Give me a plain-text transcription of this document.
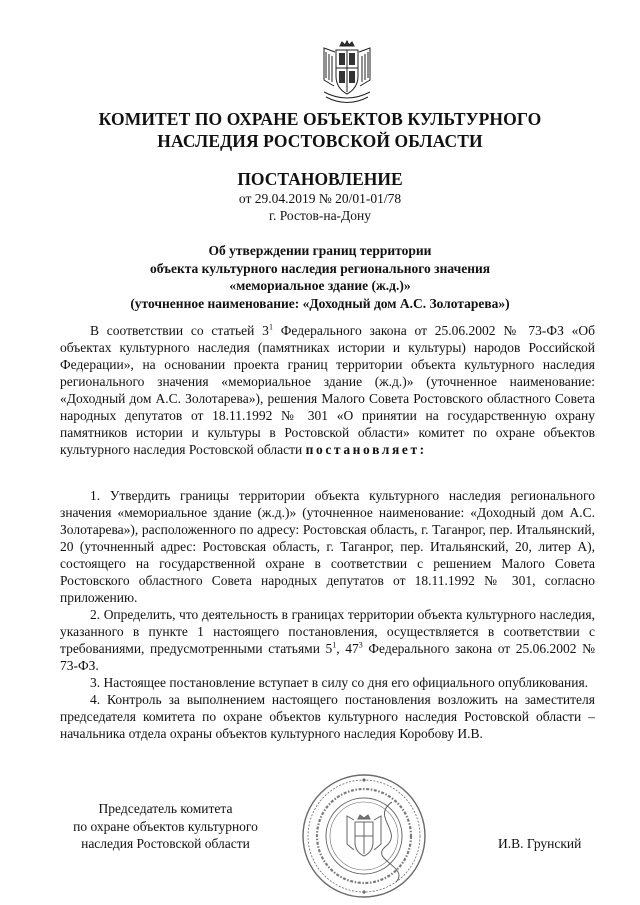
КОМИТЕТ ПО ОХРАНЕ ОБЪЕКТОВ КУЛЬТУРНОГО
НАСЛЕДИЯ РОСТОВСКОЙ ОБЛАСТИ
ПОСТАНОВЛЕНИЕ
от 29.04.2019 № 20/01-01/78
г. Ростов-на-Дону
Об утверждении границ территории
объекта культурного наследия регионального значения
«мемориальное здание (ж.д.)»
(уточненное наименование: «Доходный дом А.С. Золотарева»)
В соответствии со статьей $3^1$ Федерального закона от 25.06.2002 № 73-ФЗ «Об объектах культурного наследия (памятниках истории и культуры) народов Российской Федерации», на основании проекта границ территории объекта культурного наследия регионального значения «мемориальное здание (ж.д.)» (уточненное наименование: «Доходный дом А.С. Золотарева»), решения Малого Совета Ростовского областного Совета народных депутатов от 18.11.1992 № 301 «О принятии на государственную охрану памятников истории и культуры в Ростовской области» комитет по охране объектов культурного наследия Ростовской области постановляет:

1. Утвердить границы территории объекта культурного наследия регионального значения «мемориальное здание (ж.д.)» (уточненное наименование: «Доходный дом А.С. Золотарева»), расположенного по адресу: Ростовская область, г. Таганрог, пер. Итальянский, 20 (уточненный адрес: Ростовская область, г. Таганрог, пер. Итальянский, 20, литер А), состоящего на государственной охране в соответствии с решением Малого Совета Ростовского областного Совета народных депутатов от 18.11.1992 № 301, согласно приложению.

2. Определить, что деятельность в границах территории объекта культурного наследия, указанного в пункте 1 настоящего постановления, осуществляется в соответствии с требованиями, предусмотренными статьями $5^1$, $47^3$ Федерального закона от 25.06.2002 № 73-ФЗ.

3. Настоящее постановление вступает в силу со дня его официального опубликования.

4. Контроль за выполнением настоящего постановления возложить на заместителя председателя комитета по охране объектов культурного наследия Ростовской области – начальника отдела охраны объектов культурного наследия Коробову И.В.

Председатель комитета
по охране объектов культурного
наследия Ростовской области	И.В. Грунский
